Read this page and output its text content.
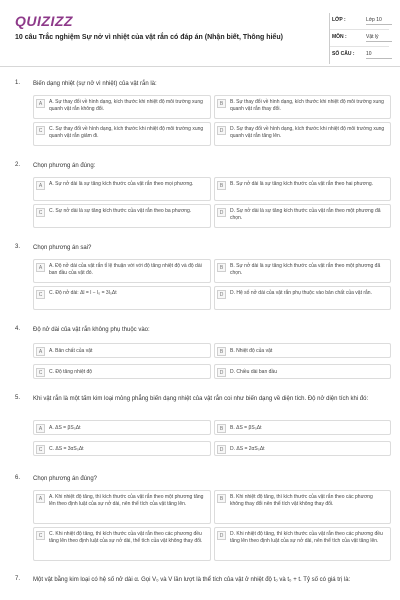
QUIZIZZ
10 câu Trắc nghiệm Sự nở vì nhiệt của vật rắn có đáp án (Nhận biết, Thông hiểu)
LỚP :	Lớp 10
MÔN :	Vật lý
SỐ CÂU : 10
1. Biến dạng nhiệt (sự nở vì nhiệt) của vật rắn là:
A	A. Sự thay đổi về hình dạng, kích thước khi nhiệt độ môi trường xung quanh vật rắn không đổi.
B	B. Sự thay đổi về hình dạng, kích thước khi nhiệt độ môi trường xung quanh vật rắn thay đổi.
C	C. Sự thay đổi về hình dạng, kích thước khi nhiệt độ môi trường xung quanh vật rắn giảm đi.
D	D. Sự thay đổi về hình dạng, kích thước khi nhiệt độ môi trường xung quanh vật rắn tăng lên.
2. Chọn phương án đúng:
A	A. Sự nở dài là sự tăng kích thước của vật rắn theo mọi phương.	B	B. Sự nở dài là sự tăng kích thước của vật rắn theo hai phương.
C	C. Sự nở dài là sự tăng kích thước của vật rắn theo ba phương.	D	D. Sự nở dài là sự tăng kích thước của vật rắn theo một phương đã chọn.
3. Chọn phương án sai?
A	A. Độ nở dài của vật rắn tỉ lệ thuận với với độ tăng nhiệt độ và độ dài ban đầu của vật đó.
B	B. Sự nở dài là sự tăng kích thước của vật rắn theo một phương đã chọn.
C	C. Độ nở dài: Δl = l − l₀ = 3l₀Δt	D	D. Hệ số nở dài của vật rắn phụ thuộc vào bản chất của vật rắn.
4. Độ nở dài của vật rắn không phụ thuộc vào:
A	A. Bản chất của vật	B	B. Nhiệt độ của vật
C	C. Độ tăng nhiệt độ	D	D. Chiều dài ban đầu
5. Khi vật rắn là một tấm kim loại mỏng phẳng biến dạng nhiệt của vật rắn coi như biến dạng về diện tích. Độ nở diện tích khi đó:
A	A. ΔS = βS₀Δt	B	B. ΔS = βS₀Δt
C	C. ΔS = 3αS₀Δt	D	D. ΔS = 2αS₀Δt
6. Chọn phương án đúng?
A	A. Khi nhiệt độ tăng, thì kích thước của vật rắn theo một phương tăng lên theo định luật của sự nở dài, nên thể tích của vật tăng lên.
B	B. Khi nhiệt độ tăng, thì kích thước của vật rắn theo các phương không thay đổi nên thể tích vật không thay đổi.
C	C. Khi nhiệt độ tăng, thì kích thước của vật rắn theo các phương đều tăng lên theo định luật của sự nở dài, thể tích của vật không thay đổi.
D	D. Khi nhiệt độ tăng, thì kích thước của vật rắn theo các phương đều tăng lên theo định luật của sự nở dài, nên thể tích của vật tăng lên.
7. Một vật bằng kim loại có hệ số nở dài α. Gọi V₀ và V lần lượt là thể tích của vật ở nhiệt độ t₀ và t₀ + t. Tỷ số có giá trị là:
